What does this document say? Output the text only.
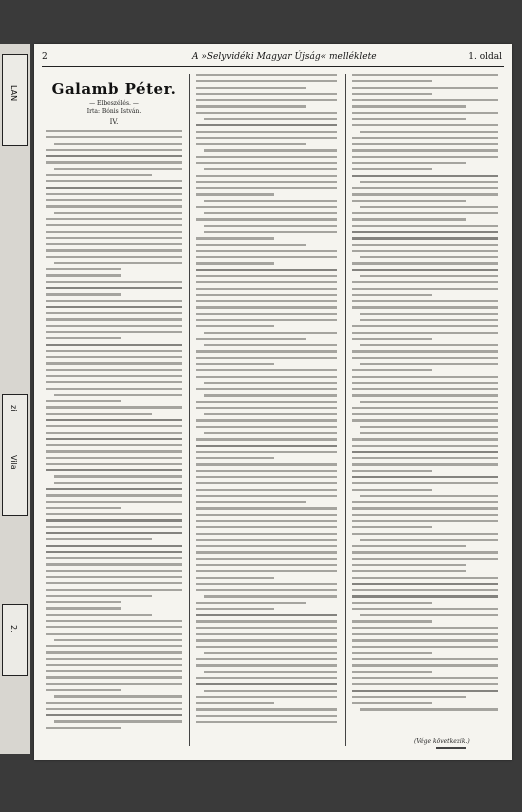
LAN
zi
Vila
2.
2	A »Selyvidéki Magyar Újság« melléklete	1. oldal
Galamb Péter.
— Elbeszélés. —
Irta: Bónis István.
IV.
(Vége következik.)
